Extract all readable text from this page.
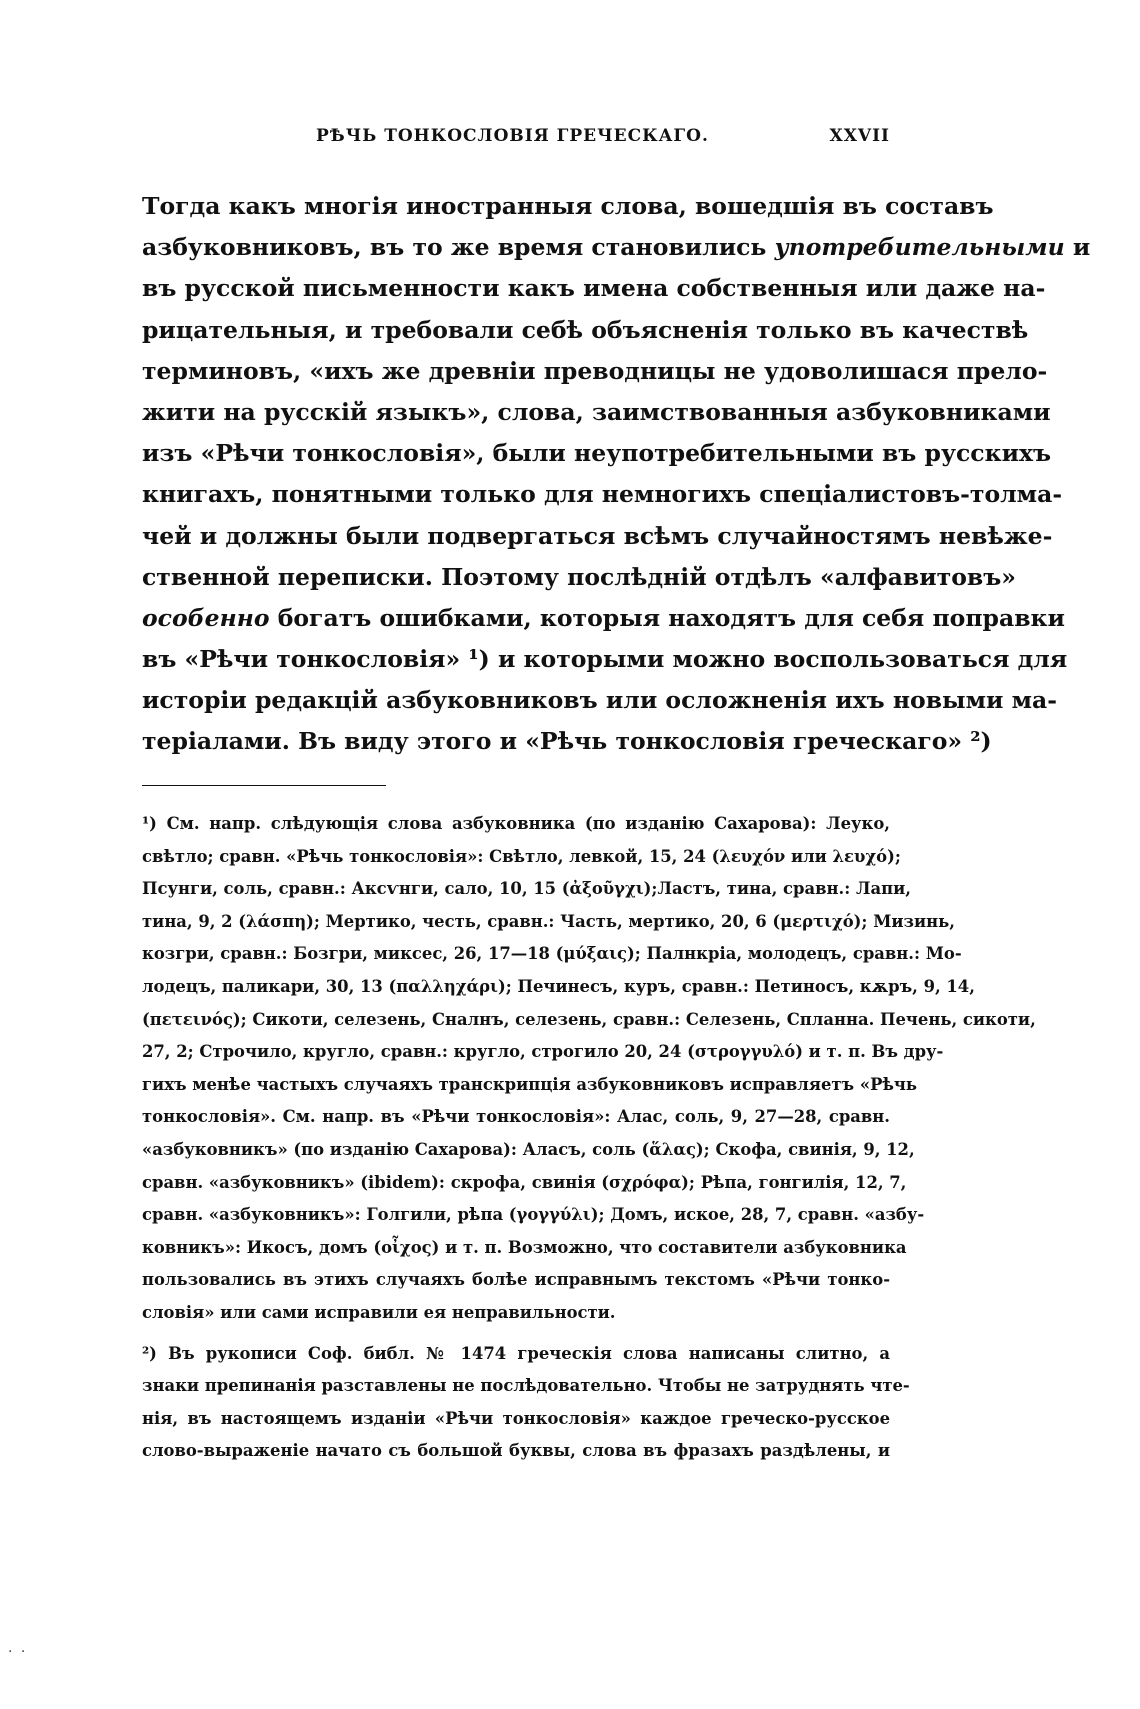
РѢЧЬ ТОНКОСЛОВІЯ ГРЕЧЕСКАГО.	XXVII
Тогда какъ многія иностранныя слова, вошедшія въ составъ
азбуковниковъ, въ то же время становились употребительными и
въ русской письменности какъ имена собственныя или даже на-
рицательныя, и требовали себѣ объясненія только въ качествѣ
терминовъ, «ихъ же древніи преводницы не удоволишася прело-
жити на русскій языкъ», слова, заимствованныя азбуковниками
изъ «Рѣчи тонкословія», были неупотребительными въ русскихъ
книгахъ, понятными только для немногихъ спеціалистовъ-толма-
чей и должны были подвергаться всѣмъ случайностямъ невѣже-
ственной переписки. Поэтому послѣдній отдѣлъ «алфавитовъ»
особенно богатъ ошибками, которыя находятъ для себя поправки
въ «Рѣчи тонкословія» ¹) и которыми можно воспользоваться для
исторіи редакцій азбуковниковъ или осложненія ихъ новыми ма-
теріалами. Въ виду этого и «Рѣчь тонкословія греческаго» ²)
¹) См. напр. слѣдующія слова азбуковника (по изданію Сахарова): Леуко,
свѣтло; сравн. «Рѣчь тонкословія»: Свѣтло, левкой, 15, 24 (λευχόν или λευχό);
Псунги, соль, сравн.: Аксѵнги, сало, 10, 15 (ἀξοῦγχι);Ластъ, тина, сравн.: Лапи,
тина, 9, 2 (λάσπη); Мертико, честь, сравн.: Часть, мертико, 20, 6 (μερτιχό); Мизинь,
козгри, сравн.: Бозгри, миксес, 26, 17—18 (μύξαις); Палнкріа, молодецъ, сравн.: Мо-
лодецъ, паликари, 30, 13 (παλληχάρι); Печинесъ, куръ, сравн.: Петиносъ, кѫръ, 9, 14,
(πετεινός); Сикоти, селезень, Сналнъ, селезень, сравн.: Селезень, Спланна. Печень, сикоти,
27, 2; Строчило, кругло, сравн.: кругло, строгило 20, 24 (στρογγυλό) и т. п. Въ дру-
гихъ менѣе частыхъ случаяхъ транскрипція азбуковниковъ исправляетъ «Рѣчь
тонкословія». См. напр. въ «Рѣчи тонкословія»: Алас, соль, 9, 27—28, сравн.
«азбуковникъ» (по изданію Сахарова): Аласъ, соль (ἅλας); Скофа, свинія, 9, 12,
сравн. «азбуковникъ» (ibidem): скрофа, свинія (σχρόφα); Рѣпа, гонгилія, 12, 7,
сравн. «азбуковникъ»: Голгили, рѣпа (γογγύλι); Домъ, иское, 28, 7, сравн. «азбу-
ковникъ»: Икосъ, домъ (οἶχος) и т. п. Возможно, что составители азбуковника
пользовались въ этихъ случаяхъ болѣе исправнымъ текстомъ «Рѣчи тонко-
словія» или сами исправили ея неправильности.
²) Въ рукописи Соф. библ. № 1474 греческія слова написаны слитно, а
знаки препинанія разставлены не послѣдовательно. Чтобы не затруднять чте-
нія, въ настоящемъ изданіи «Рѣчи тонкословія» каждое греческо-русское
слово-выраженіе начато съ большой буквы, слова въ фразахъ раздѣлены, и
. .
